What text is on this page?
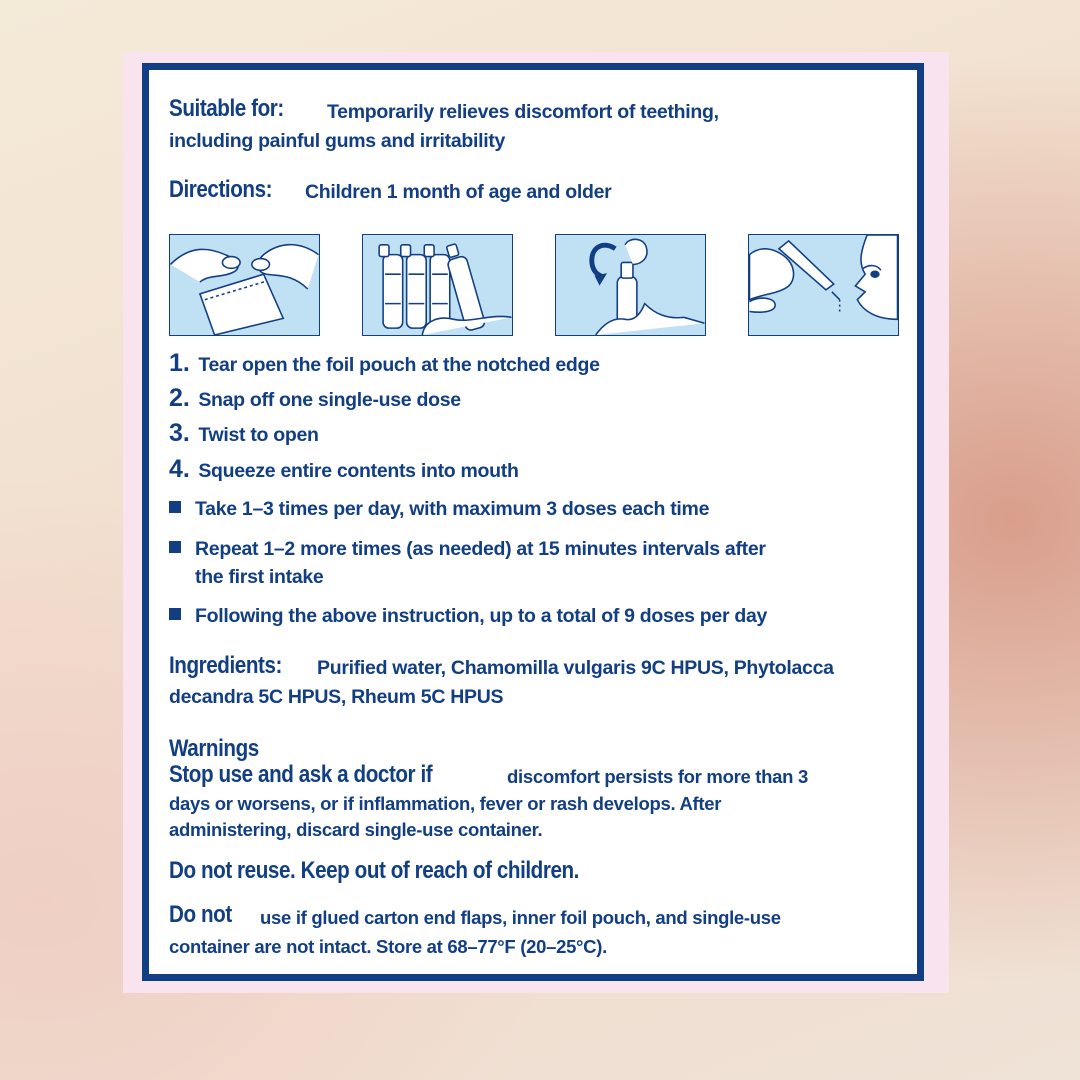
Suitable for:	Temporarily relieves discomfort of teething,
including painful gums and irritability
Directions:	Children 1 month of age and older
1. Tear open the foil pouch at the notched edge
2. Snap off one single-use dose
3. Twist to open
4. Squeeze entire contents into mouth
Take 1–3 times per day, with maximum 3 doses each time
Repeat 1–2 more times (as needed) at 15 minutes intervals after
the first intake
Following the above instruction, up to a total of 9 doses per day
Ingredients:	Purified water, Chamomilla vulgaris 9C HPUS, Phytolacca
decandra 5C HPUS, Rheum 5C HPUS
Warnings
Stop use and ask a doctor if	discomfort persists for more than 3
days or worsens, or if inflammation, fever or rash develops. After
administering, discard single-use container.
Do not reuse. Keep out of reach of children.
Do not	use if glued carton end flaps, inner foil pouch, and single-use
container are not intact. Store at 68–77°F (20–25°C).
